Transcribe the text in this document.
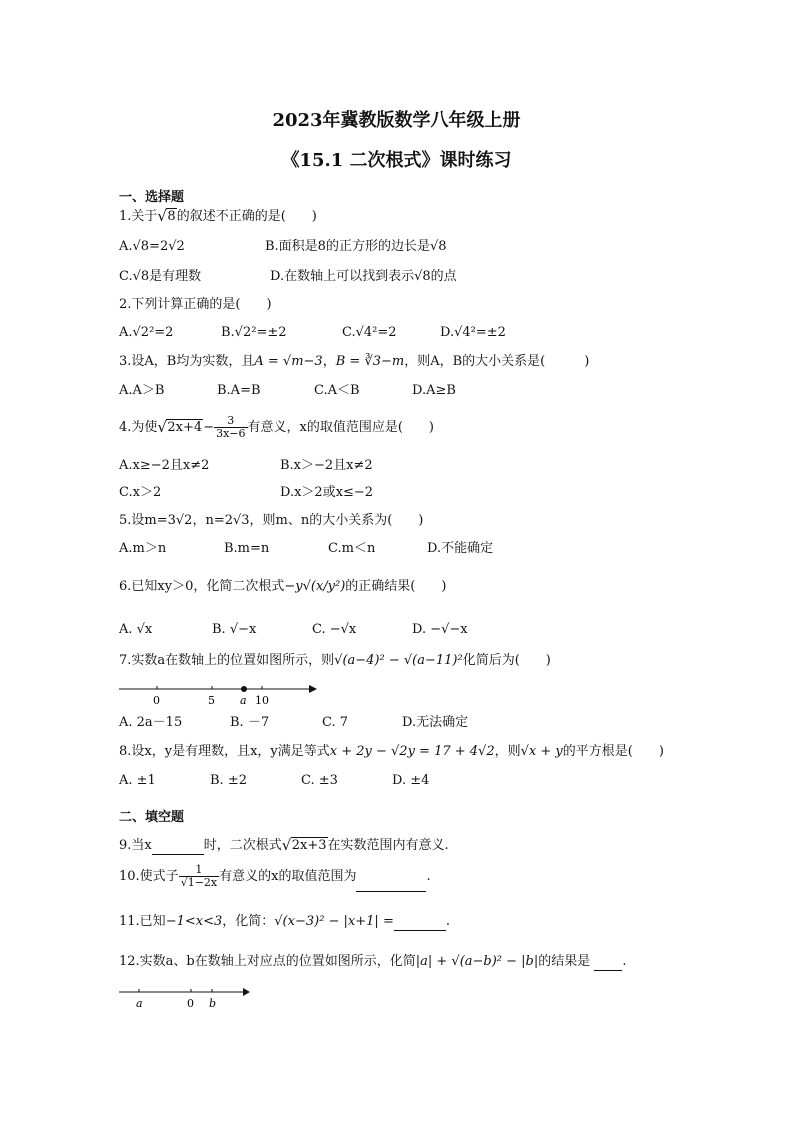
2023年冀教版数学八年级上册
《15.1 二次根式》课时练习
一、选择题
1.关于 √ 8的叙述不正确的是(　　)
A.√8=2√2	B.面积是8的正方形的边长是√8
C.√8是有理数	D.在数轴上可以找到表示√8的点
2.下列计算正确的是(　　)
A.√2²=2	B.√2²=±2	C.√4²=2	D.√4²=±2
3.设A，B均为实数，且A = √m−3，B = ∛3−m，则A，B的大小关系是(　　　)
A.A＞B	B.A=B	C.A＜B	D.A≥B
4.为使 √ $2x+4- \frac{3}{3x-6}$ 有意义，x的取值范围应是(　　)
A.x≥−2且x≠2	B.x＞−2且x≠2
C.x＞2	D.x＞2或x≤−2
5.设m=3√2，n=2√3，则m、n的大小关系为(　　)
A.m＞n	B.m=n	C.m＜n	D.不能确定
6.已知xy＞0，化简二次根式−y√(x/y²)的正确结果(　　)
A. √x	B. √−x	C. −√x	D. −√−x
7.实数a在数轴上的位置如图所示，则√(a−4)² − √(a−11)²化简后为(　　)
0	5 a 10
A. 2a－15	B. －7	C. 7	D.无法确定
8.设x，y是有理数，且x，y满足等式x + 2y − √2y = 17 + 4√2，则√x + y的平方根是(　　)
A. ±1	B. ±2	C. ±3	D. ±4
二、填空题
9.当x	时，二次根式 √ 2x+3在实数范围内有意义.
10.使式子 $\frac{1}{√1-2x}$ 有意义的x的取值范围为	.
11.已知−1<x<3，化简：√(x−3)² − |x+1| =	.
12.实数a、b在数轴上对应点的位置如图所示，化简|a| + √(a−b)² − |b|的结果是 .
a	0 b
